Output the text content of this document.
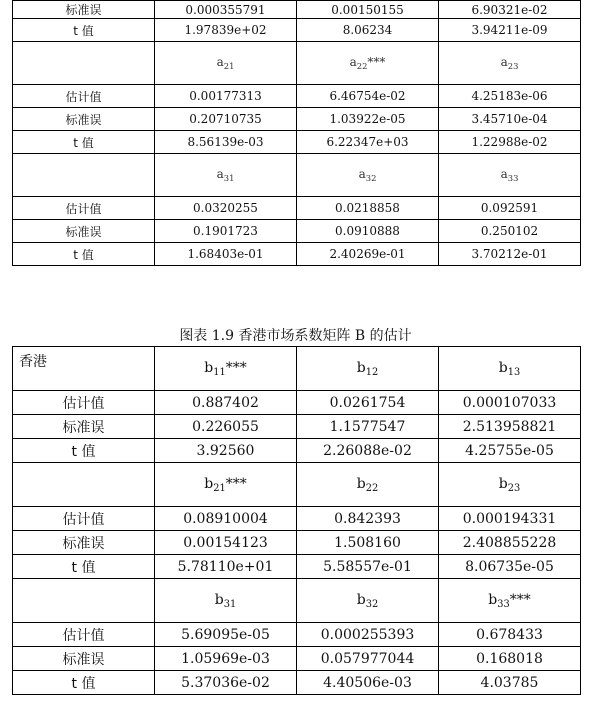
标准误	0.000355791	0.00150155	6.90321e-02
t 值	1.97839e+02	8.06234	3.94211e-09
	$a_{21}$	$a_{22}***$	$a_{23}$
估计值	0.00177313	6.46754e-02	4.25183e-06
标准误	0.20710735	1.03922e-05	3.45710e-04
t 值	8.56139e-03	6.22347e+03	1.22988e-02
	$a_{31}$	$a_{32}$	$a_{33}$
估计值	0.0320255	0.0218858	0.092591
标准误	0.1901723	0.0910888	0.250102
t 值	1.68403e-01	2.40269e-01	3.70212e-01
图表 1.9 香港市场系数矩阵 B 的估计
香港	$b_{11}***$	$b_{12}$	$b_{13}$
估计值	0.887402	0.0261754	0.000107033
标准误	0.226055	1.1577547	2.513958821
t 值	3.92560	2.26088e-02	4.25755e-05
	$b_{21}***$	$b_{22}$	$b_{23}$
估计值	0.08910004	0.842393	0.000194331
标准误	0.00154123	1.508160	2.408855228
t 值	5.78110e+01	5.58557e-01	8.06735e-05
	$b_{31}$	$b_{32}$	$b_{33}***$
估计值	5.69095e-05	0.000255393	0.678433
标准误	1.05969e-03	0.057977044	0.168018
t 值	5.37036e-02	4.40506e-03	4.03785
